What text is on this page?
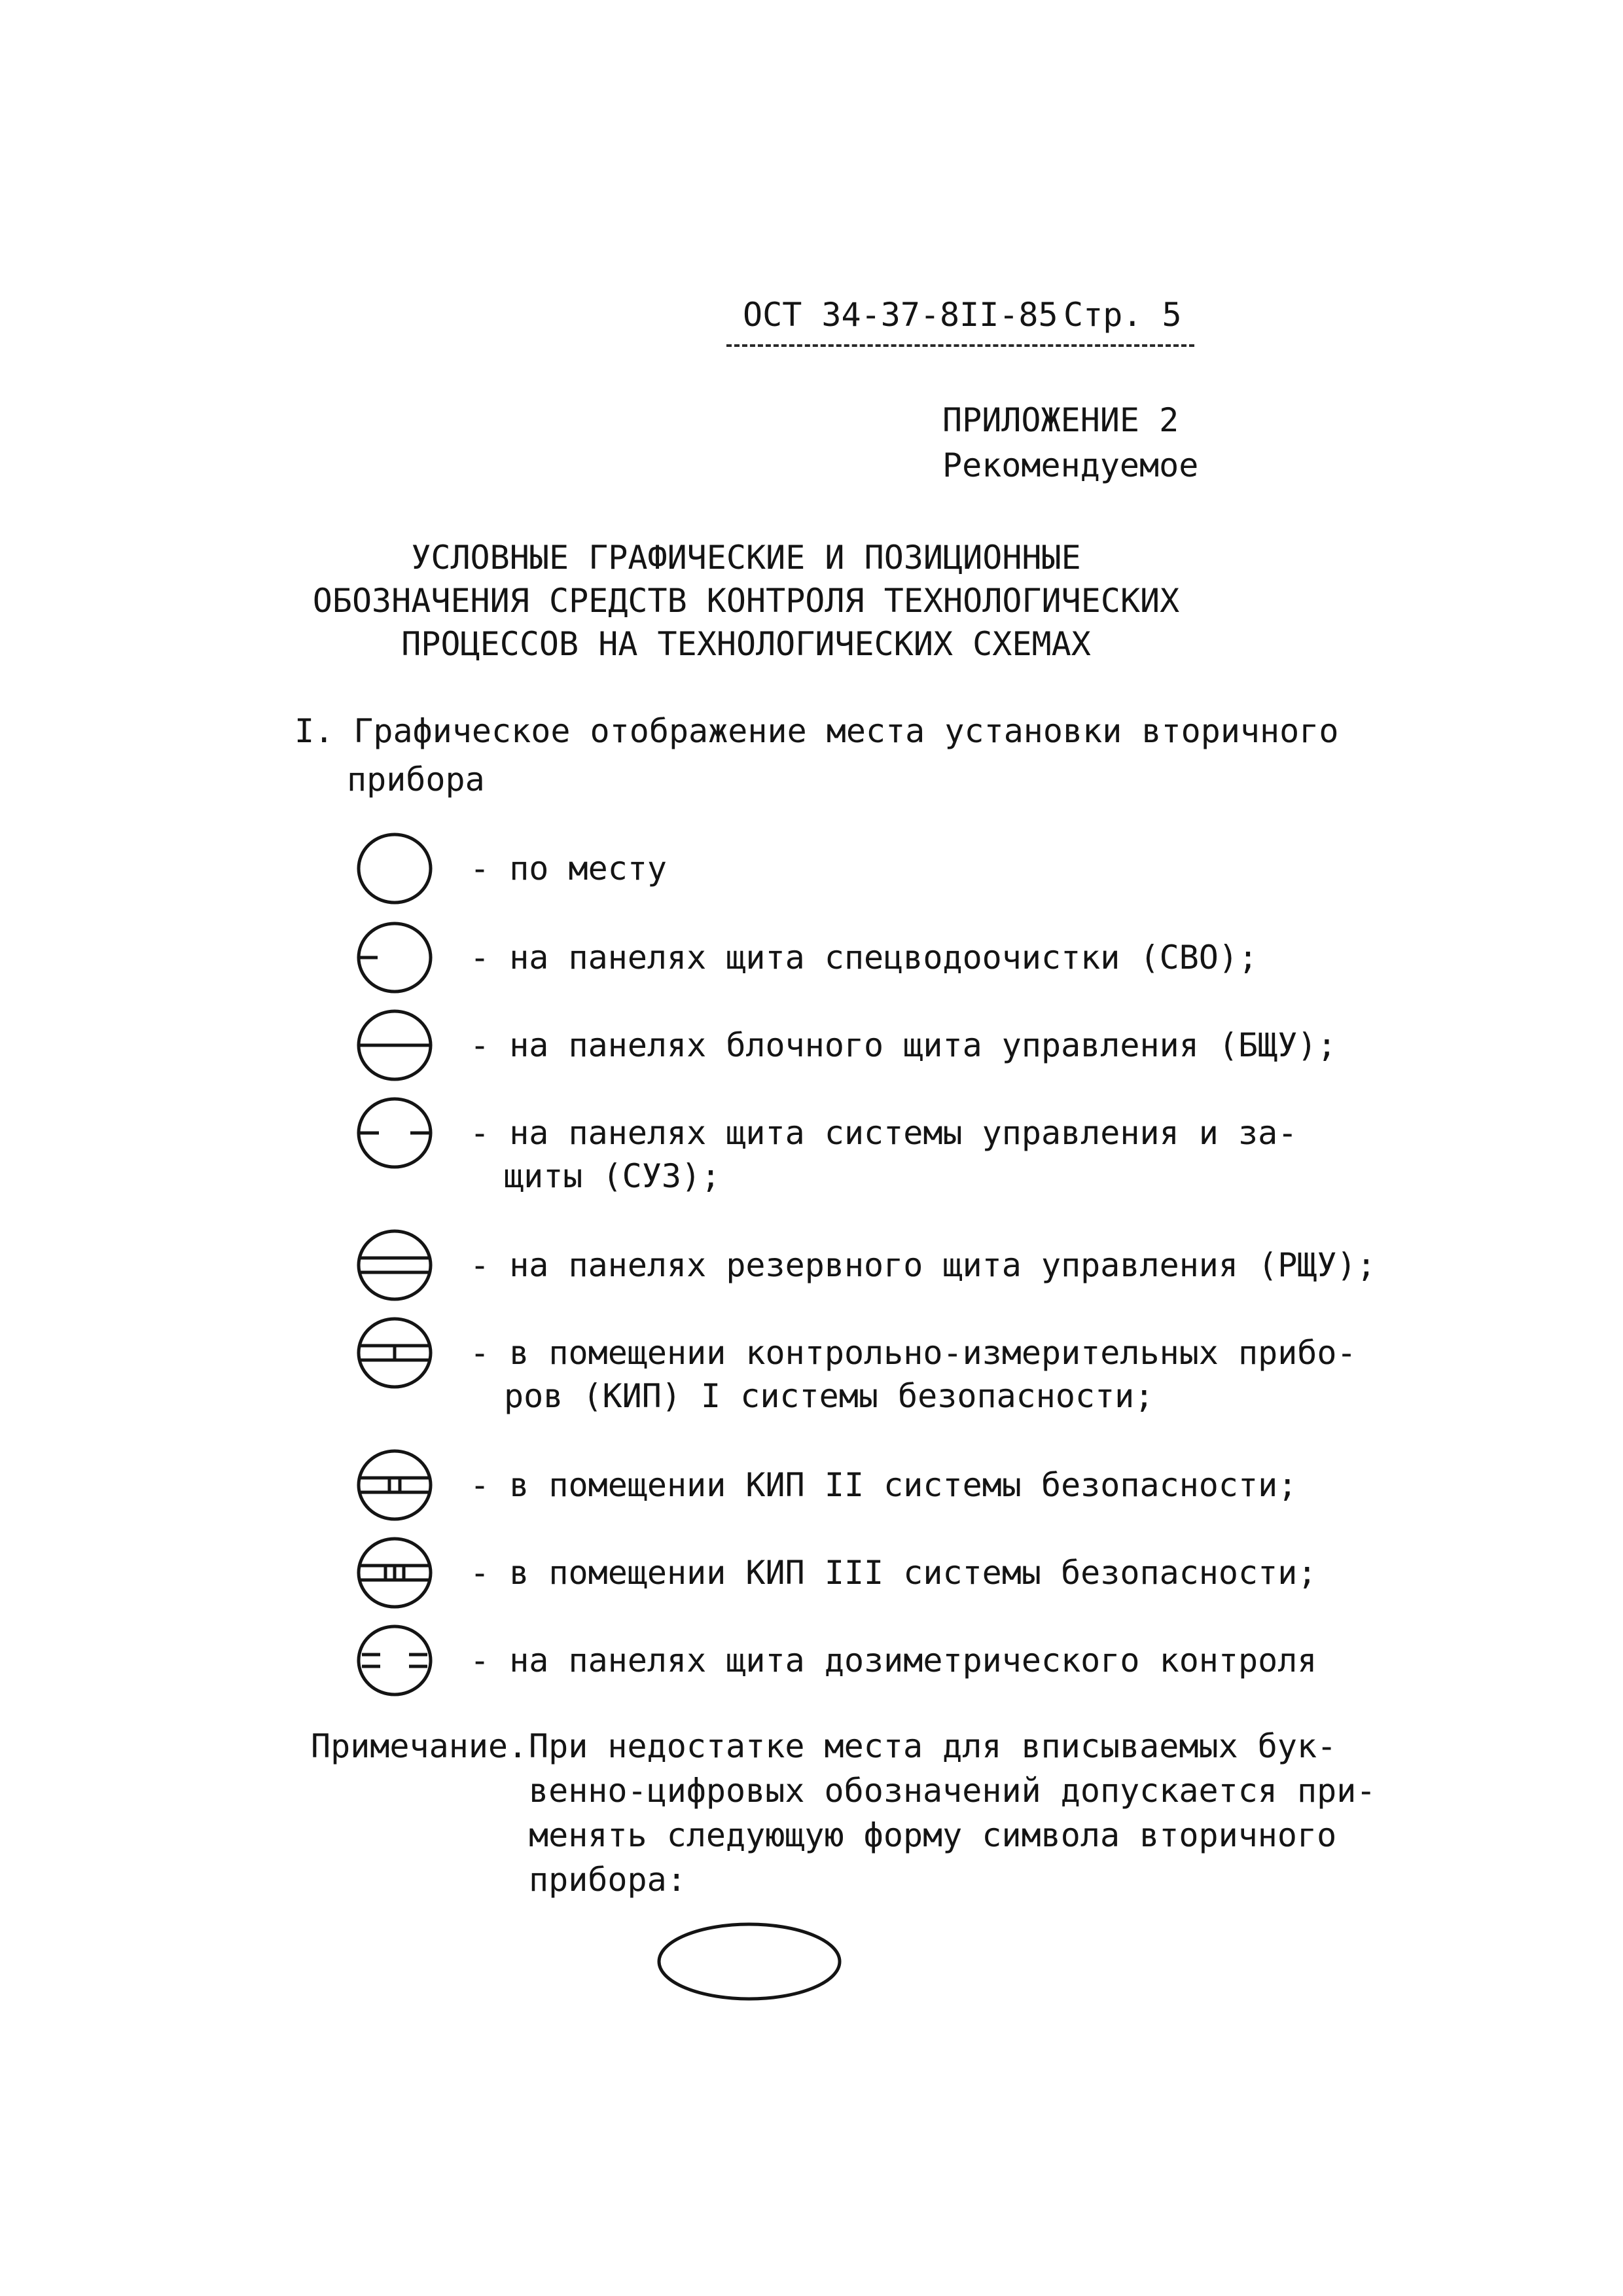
ОСТ 34-37-8II-85 Стр. 5
ПРИЛОЖЕНИЕ 2
Рекомендуемое
УСЛОВНЫЕ ГРАФИЧЕСКИЕ И ПОЗИЦИОННЫЕ
ОБОЗНАЧЕНИЯ СРЕДСТВ КОНТРОЛЯ ТЕХНОЛОГИЧЕСКИХ
ПРОЦЕССОВ НА ТЕХНОЛОГИЧЕСКИХ СХЕМАХ
I. Графическое отображение места установки вторичного
прибора
- по месту
- на панелях щита спецводоочистки (СВО);
- на панелях блочного щита управления (БЩУ);
- на панелях щита системы управления и за-
щиты (СУЗ);
- на панелях резервного щита управления (РЩУ);
- в помещении контрольно-измерительных прибо-
ров (КИП) I системы безопасности;
- в помещении КИП II системы безопасности;
- в помещении КИП III системы безопасности;
- на панелях щита дозиметрического контроля
Примечание. При недостатке места для вписываемых бук-
венно-цифровых обозначений допускается при-
менять следующую форму символа вторичного
прибора:
